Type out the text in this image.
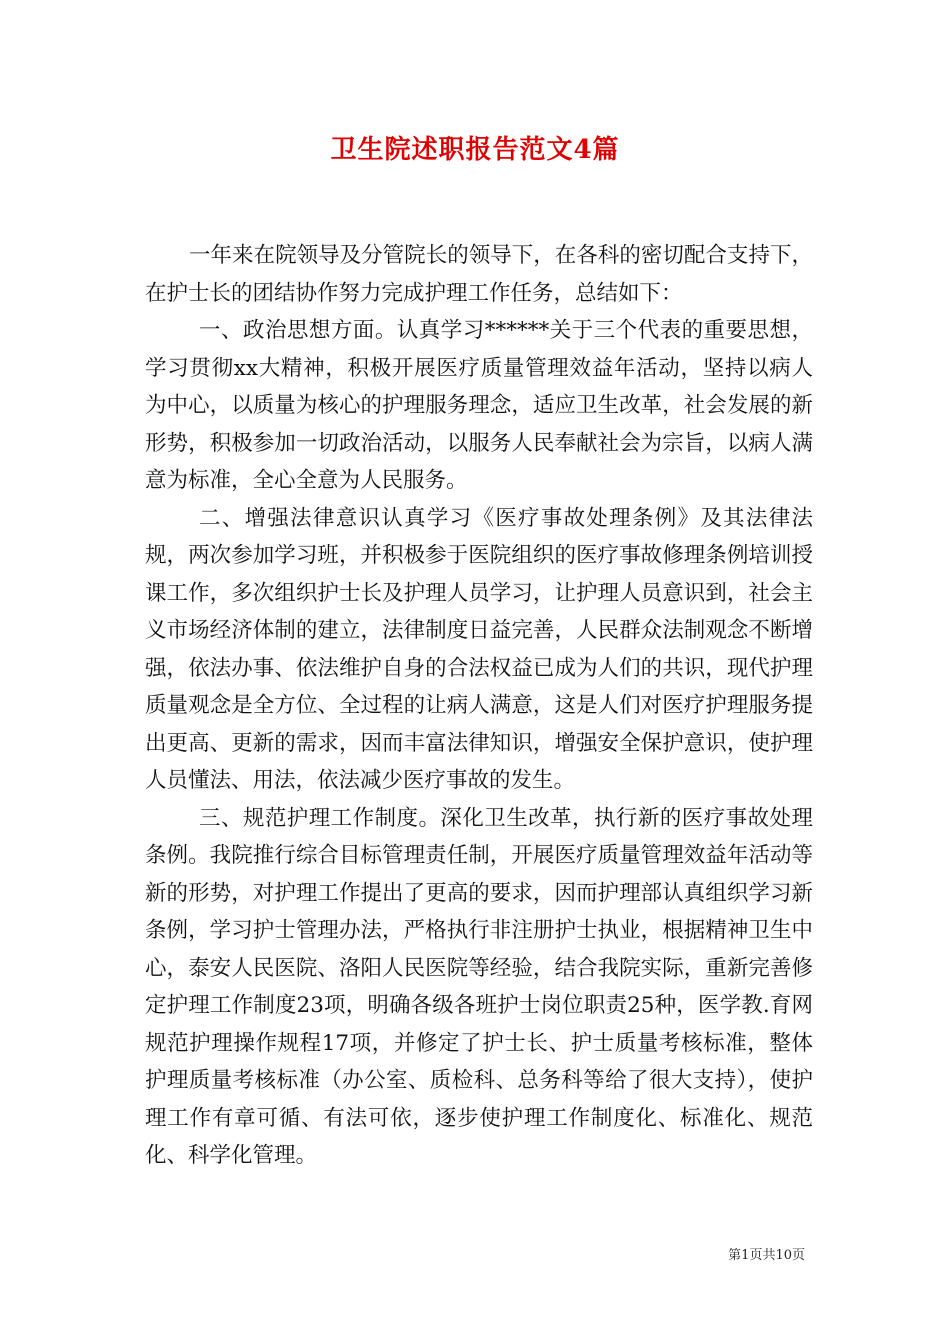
卫生院述职报告范文4篇

一年来在院领导及分管院长的领导下，在各科的密切配合支持下，在护士长的团结协作努力完成护理工作任务，总结如下：

一、政治思想方面。认真学习******关于三个代表的重要思想，学习贯彻xx大精神，积极开展医疗质量管理效益年活动，坚持以病人为中心，以质量为核心的护理服务理念，适应卫生改革，社会发展的新形势，积极参加一切政治活动，以服务人民奉献社会为宗旨，以病人满意为标准，全心全意为人民服务。

二、增强法律意识认真学习《医疗事故处理条例》及其法律法规，两次参加学习班，并积极参于医院组织的医疗事故修理条例培训授课工作，多次组织护士长及护理人员学习，让护理人员意识到，社会主义市场经济体制的建立，法律制度日益完善，人民群众法制观念不断增强，依法办事、依法维护自身的合法权益已成为人们的共识，现代护理质量观念是全方位、全过程的让病人满意，这是人们对医疗护理服务提出更高、更新的需求，因而丰富法律知识，增强安全保护意识，使护理人员懂法、用法，依法减少医疗事故的发生。

三、规范护理工作制度。深化卫生改革，执行新的医疗事故处理条例。我院推行综合目标管理责任制，开展医疗质量管理效益年活动等新的形势，对护理工作提出了更高的要求，因而护理部认真组织学习新条例，学习护士管理办法，严格执行非注册护士执业，根据精神卫生中心，泰安人民医院、洛阳人民医院等经验，结合我院实际，重新完善修定护理工作制度23项，明确各级各班护士岗位职责25种，医学教.育网规范护理操作规程17项，并修定了护士长、护士质量考核标准，整体护理质量考核标准（办公室、质检科、总务科等给了很大支持），使护理工作有章可循、有法可依，逐步使护理工作制度化、标准化、规范化、科学化管理。

第1页共10页
